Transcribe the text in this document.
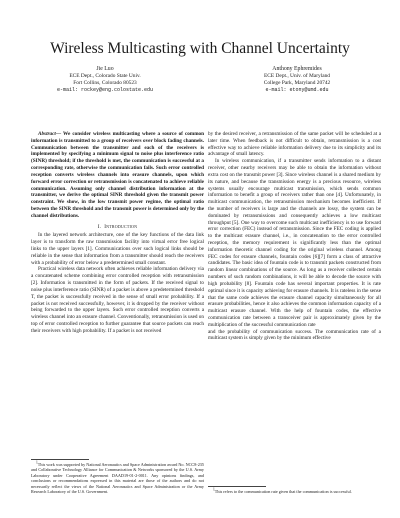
Wireless Multicasting with Channel Uncertainty
Jie Luo
ECE Dept., Colorado State Univ.
Fort Collins, Colorado 80523
e-mail: rockey@eng.colostate.edu
Anthony Ephremides
ECE Dept., Univ. of Maryland
College Park, Maryland 20742
e-mail: etony@umd.edu

Abstract— We consider wireless multicasting where a source of common information is transmitted to a group of receivers over block fading channels. Communication between the transmitter and each of the receivers is implemented by specifying a minimum signal to noise plus interference ratio (SINR) threshold; if the threshold is met, the communication is successful at a corresponding rate, otherwise the communication fails. Such error controlled reception converts wireless channels into erasure channels, upon which forward error correction or retransmission is concatenated to achieve reliable communication. Assuming only channel distribution information at the transmitter, we derive the optimal SINR threshold given the transmit power constraint. We show, in the low transmit power regime, the optimal ratio between the SINR threshold and the transmit power is determined only by the channel distributions.

I. Introduction

In the layered network architecture, one of the key functions of the data link layer is to transform the raw transmission facility into virtual error free logical links to the upper layers [1]. Communications over such logical links should be reliable in the sense that information from a transmitter should reach the receivers with a probability of error below a predetermined small constant.

Practical wireless data network often achieves reliable information delivery via a concatenated scheme combining error controlled reception with retransmission [2]. Information is transmitted in the form of packets. If the received signal to noise plus interference ratio (SINR) of a packet is above a predetermined threshold T, the packet is successfully received in the sense of small error probability. If a packet is not received successfully, however, it is dropped by the receiver without being forwarded to the upper layers. Such error controlled reception converts a wireless channel into an erasure channel. Conventionally, retransmission is used on top of error controlled reception to further guarantee that source packets can reach their receivers with high probability. If a packet is not received

by the desired receiver, a retransmission of the same packet will be scheduled at a later time. When feedback is not difficult to obtain, retransmission is a cost effective way to achieve reliable information delivery due to its simplicity and its advantage of small latency.

In wireless communication, if a transmitter sends information to a distant receiver, other nearby receivers may be able to obtain the information without extra cost on the transmit power [3]. Since wireless channel is a shared medium by its nature, and because the transmission energy is a precious resource, wireless systems usually encourage multicast transmission, which sends common information to benefit a group of receivers rather than one [4]. Unfortunately, in multicast communication, the retransmission mechanism becomes inefficient. If the number of receivers is large and the channels are lossy, the system can be dominated by retransmissions and consequently achieves a low multicast throughput [5]. One way to overcome such multicast inefficiency is to use forward error correction (FEC) instead of retransmission. Since the FEC coding is applied to the multicast erasure channel, i.e., in concatenation to the error controlled reception, the memory requirement is significantly less than the optimal information theoretic channel coding for the original wireless channel. Among FEC codes for erasure channels, fountain codes [6][7] form a class of attractive candidates. The basic idea of fountain code is to transmit packets constructed from random linear combinations of the source. As long as a receiver collected certain numbers of such random combinations, it will be able to decode the source with high probability [8]. Fountain code has several important properties. It is rate optimal since it is capacity achieving for erasure channels. It is rateless in the sense that the same code achieves the erasure channel capacity simultaneously for all erasure probabilities, hence it also achieves the common information capacity of a multicast erasure channel. With the help of fountain codes, the effective communication rate between a transceiver pair is approximately given by the multiplication of the successful communication rate

and the probability of communication success. The communication rate of a multicast system is simply given by the minimum effective

1This work was supported by National Aeronautics and Space Administration award No. NCC8-235 and Collaborative Technology Alliance for Communication & Networks sponsored by the U.S. Army Laboratory under Cooperative Agreement DAAD19-01-2-0011. Any opinions findings, and conclusions or recommendations expressed in this material are those of the authors and do not necessarily reflect the views of the National Aeronautics and Space Administration or the Army Research Laboratory of the U.S. Government.	1This refers to the communication rate given that the communication is successful.
